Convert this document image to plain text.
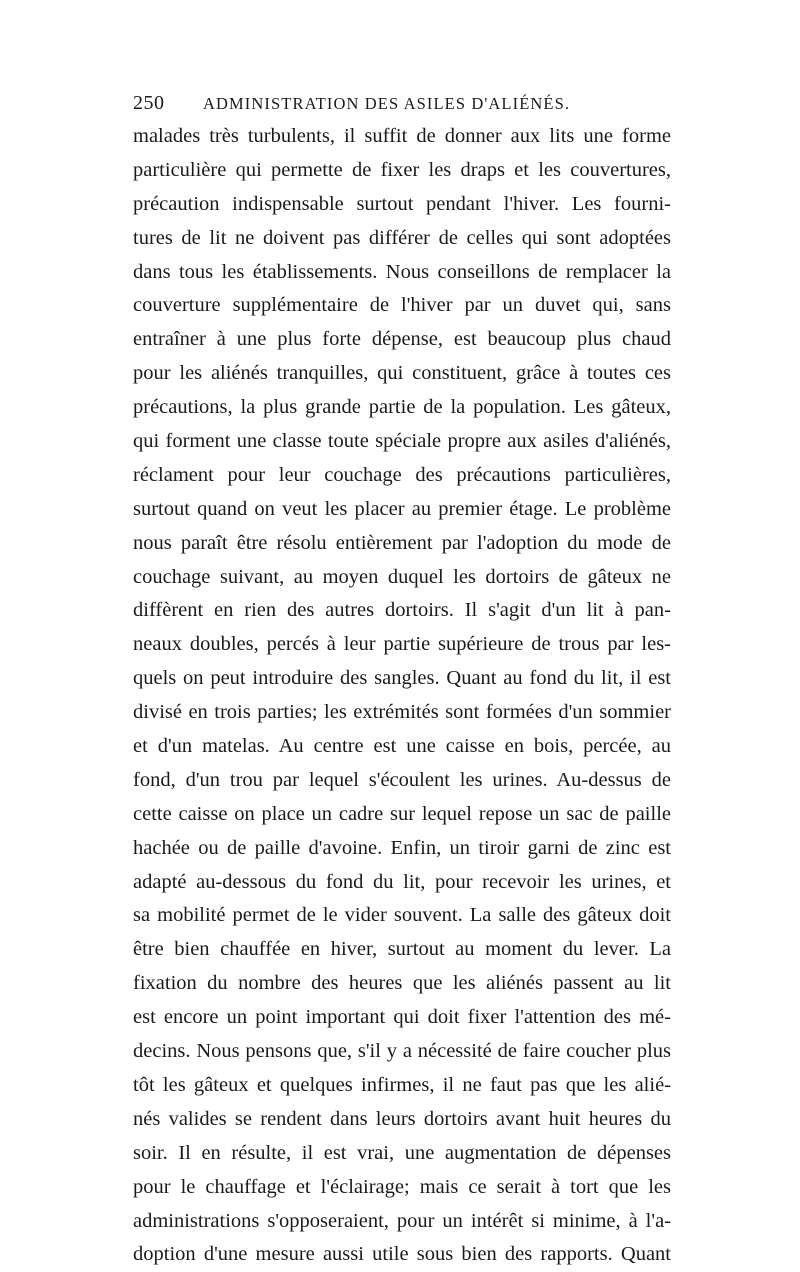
250 ADMINISTRATION DES ASILES D'ALIÉNÉS.
malades très turbulents, il suffit de donner aux lits une forme
particulière qui permette de fixer les draps et les couvertures,
précaution indispensable surtout pendant l'hiver. Les fourni-
tures de lit ne doivent pas différer de celles qui sont adoptées
dans tous les établissements. Nous conseillons de remplacer la
couverture supplémentaire de l'hiver par un duvet qui, sans
entraîner à une plus forte dépense, est beaucoup plus chaud
pour les aliénés tranquilles, qui constituent, grâce à toutes ces
précautions, la plus grande partie de la population. Les gâteux,
qui forment une classe toute spéciale propre aux asiles d'aliénés,
réclament pour leur couchage des précautions particulières,
surtout quand on veut les placer au premier étage. Le problème
nous paraît être résolu entièrement par l'adoption du mode de
couchage suivant, au moyen duquel les dortoirs de gâteux ne
diffèrent en rien des autres dortoirs. Il s'agit d'un lit à pan-
neaux doubles, percés à leur partie supérieure de trous par les-
quels on peut introduire des sangles. Quant au fond du lit, il est
divisé en trois parties; les extrémités sont formées d'un sommier
et d'un matelas. Au centre est une caisse en bois, percée, au
fond, d'un trou par lequel s'écoulent les urines. Au-dessus de
cette caisse on place un cadre sur lequel repose un sac de paille
hachée ou de paille d'avoine. Enfin, un tiroir garni de zinc est
adapté au-dessous du fond du lit, pour recevoir les urines, et
sa mobilité permet de le vider souvent. La salle des gâteux doit
être bien chauffée en hiver, surtout au moment du lever. La
fixation du nombre des heures que les aliénés passent au lit
est encore un point important qui doit fixer l'attention des mé-
decins. Nous pensons que, s'il y a nécessité de faire coucher plus
tôt les gâteux et quelques infirmes, il ne faut pas que les alié-
nés valides se rendent dans leurs dortoirs avant huit heures du
soir. Il en résulte, il est vrai, une augmentation de dépenses
pour le chauffage et l'éclairage; mais ce serait à tort que les
administrations s'opposeraient, pour un intérêt si minime, à l'a-
doption d'une mesure aussi utile sous bien des rapports. Quant
